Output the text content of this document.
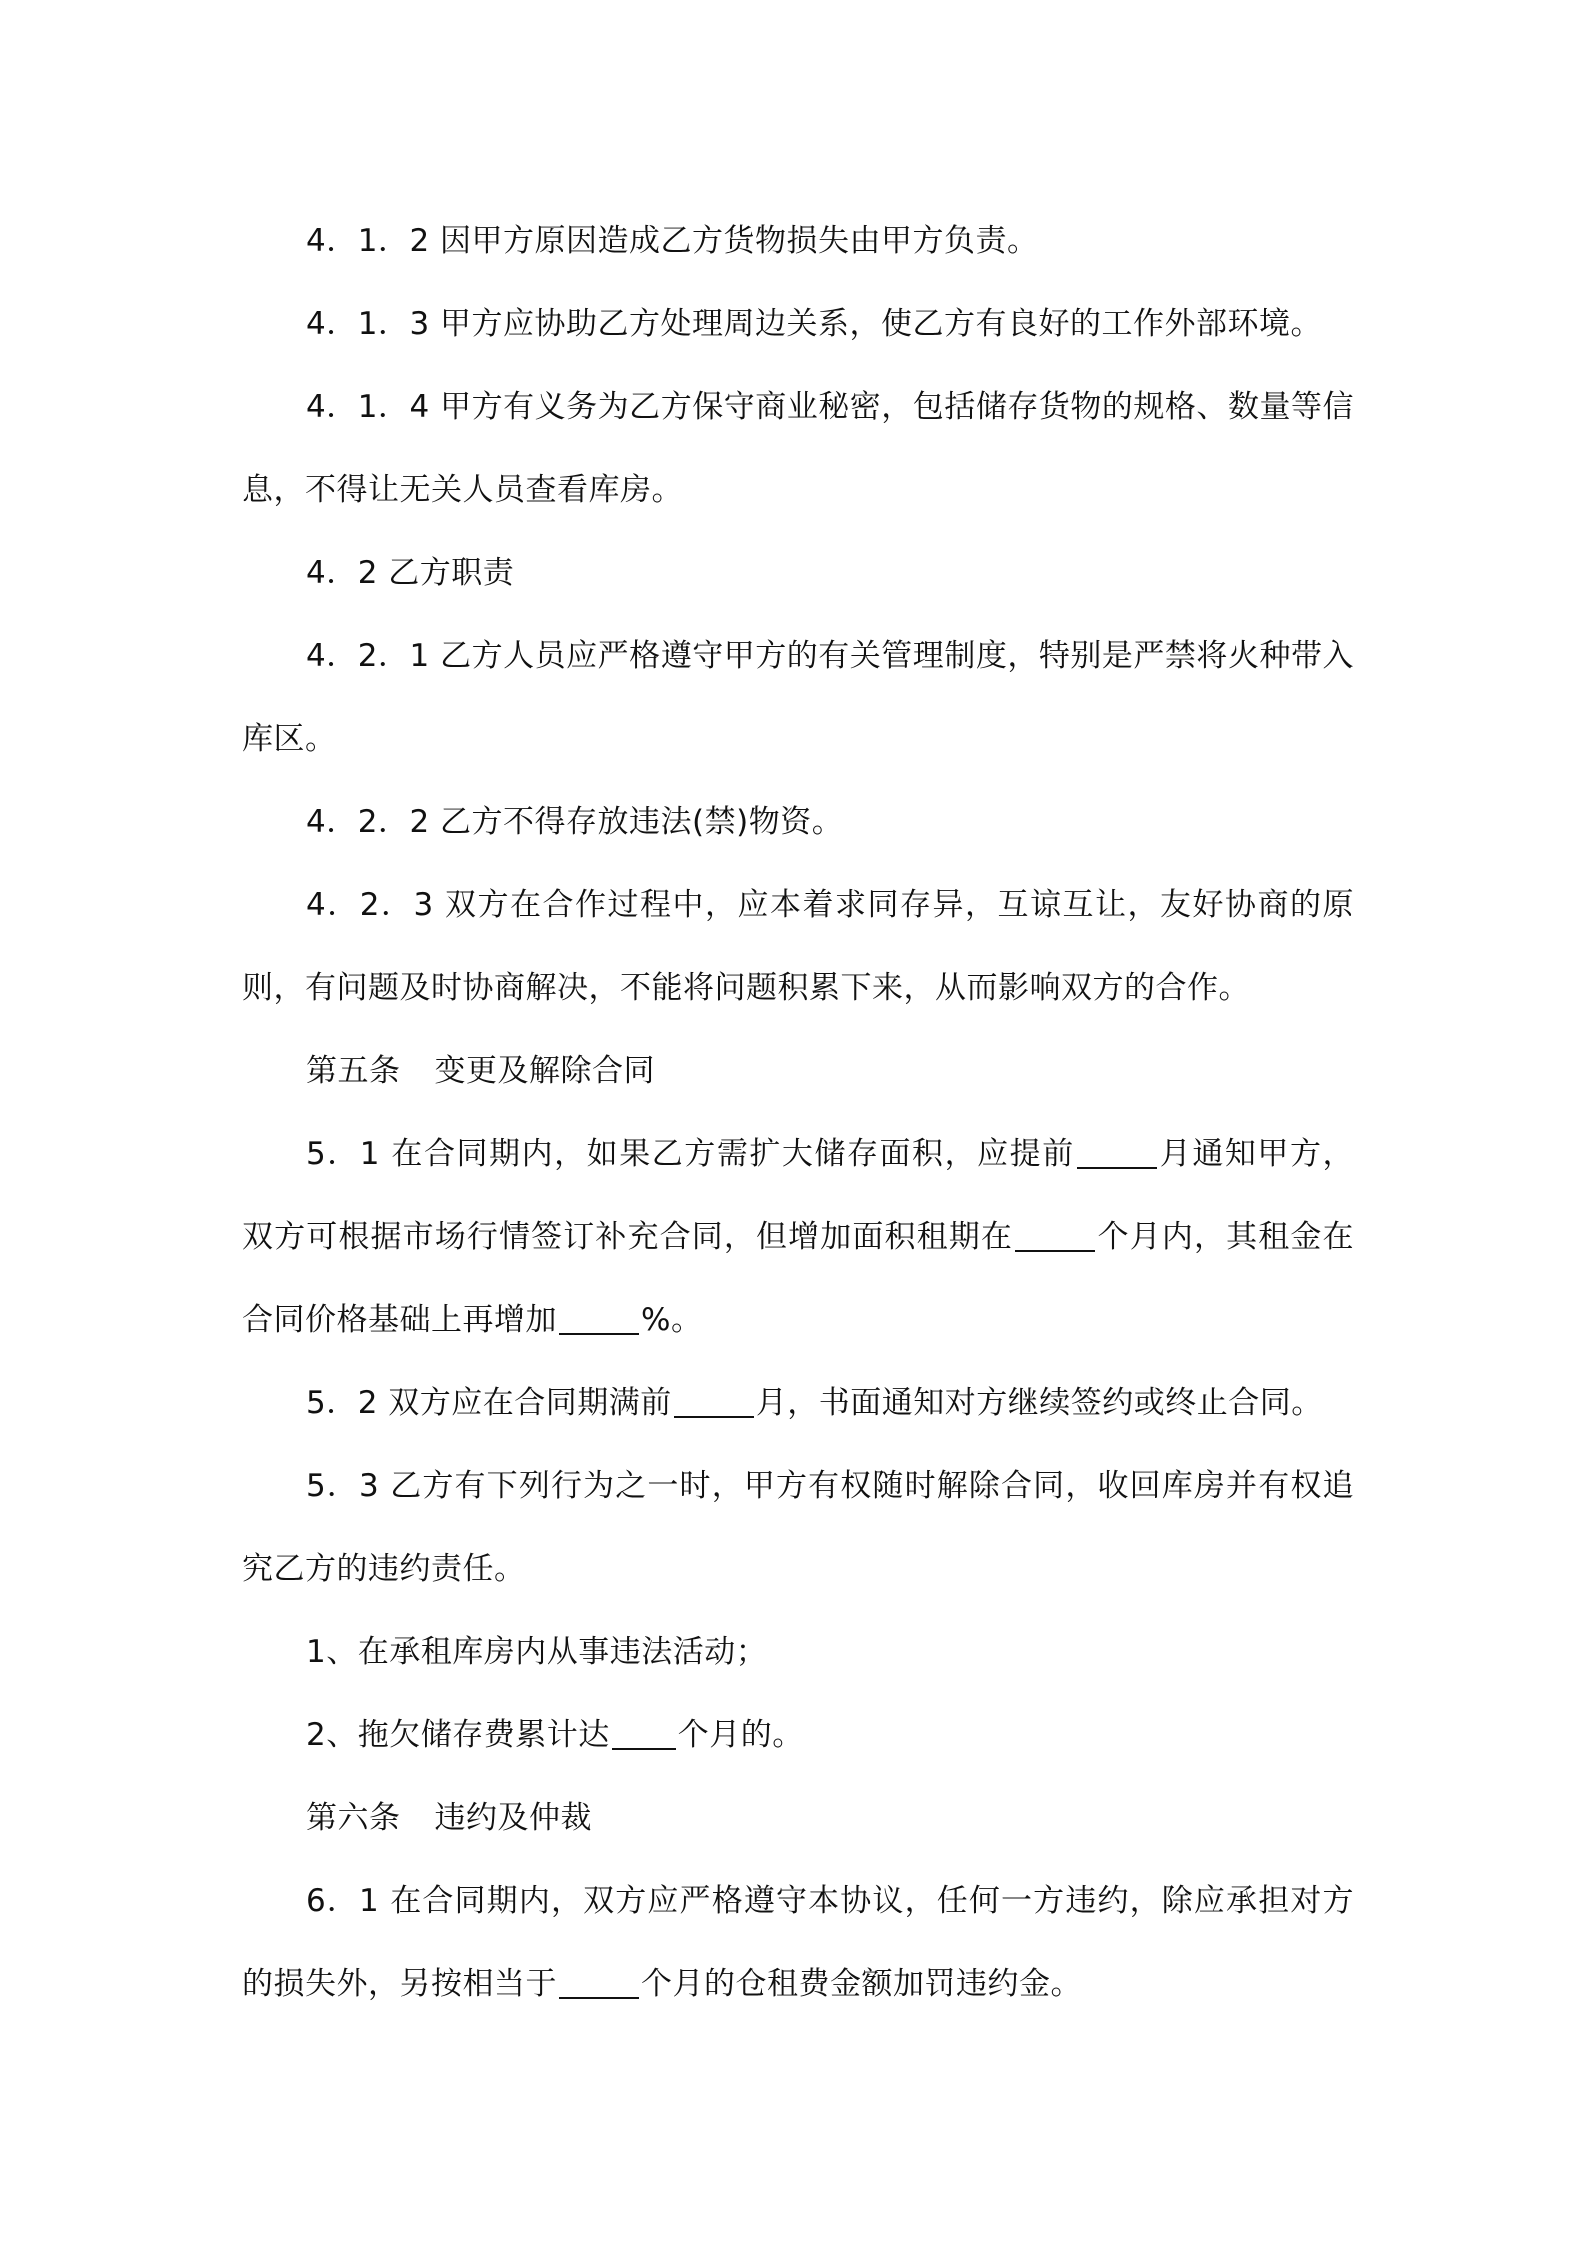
4．1．2 因甲方原因造成乙方货物损失由甲方负责。

4．1．3 甲方应协助乙方处理周边关系，使乙方有良好的工作外部环境。

4．1．4 甲方有义务为乙方保守商业秘密，包括储存货物的规格、数量等信息，不得让无关人员查看库房。

4．2 乙方职责

4．2．1 乙方人员应严格遵守甲方的有关管理制度，特别是严禁将火种带入库区。

4．2．2 乙方不得存放违法(禁)物资。

4．2．3 双方在合作过程中，应本着求同存异，互谅互让，友好协商的原则，有问题及时协商解决，不能将问题积累下来，从而影响双方的合作。

第五条 变更及解除合同

5．1 在合同期内，如果乙方需扩大储存面积，应提前	月通知甲方，双方可根据市场行情签订补充合同，但增加面积租期在	个月内，其租金在合同价格基础上再增加	%。

5．2 双方应在合同期满前	月，书面通知对方继续签约或终止合同。

5．3 乙方有下列行为之一时，甲方有权随时解除合同，收回库房并有权追究乙方的违约责任。

1、在承租库房内从事违法活动；

2、拖欠储存费累计达 个月的。

第六条 违约及仲裁

6．1 在合同期内，双方应严格遵守本协议，任何一方违约，除应承担对方的损失外，另按相当于	个月的仓租费金额加罚违约金。
